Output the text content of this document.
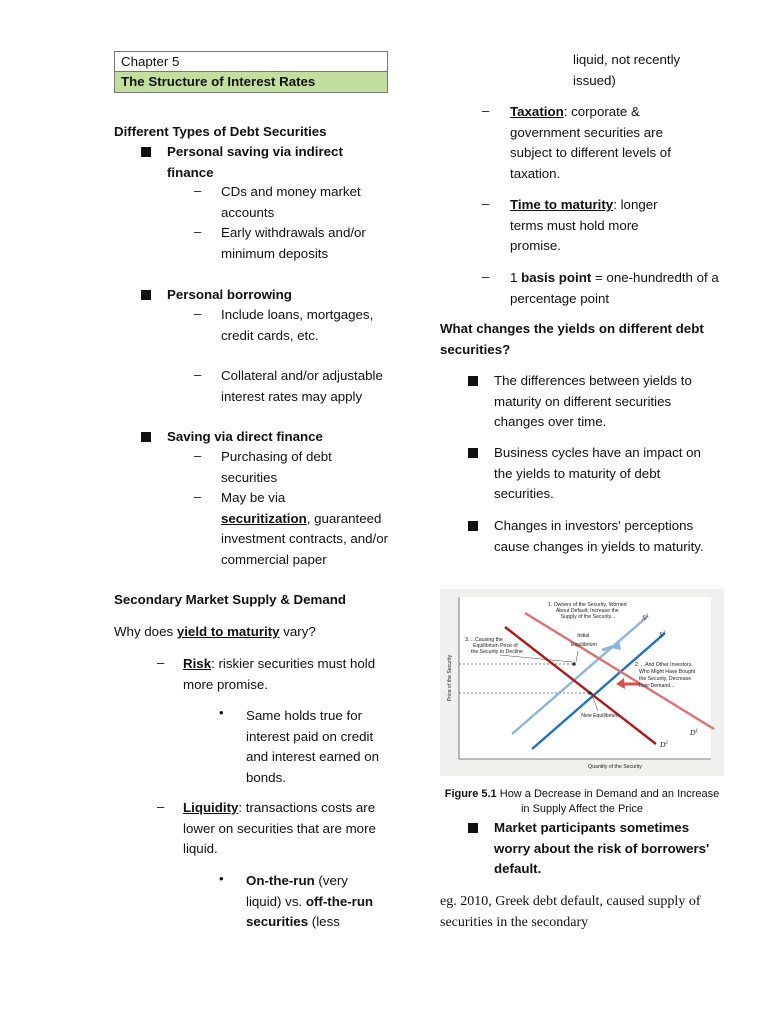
Chapter 5
The Structure of Interest Rates
Different Types of Debt Securities
Personal saving via indirect finance
– CDs and money market accounts
– Early withdrawals and/or minimum deposits
Personal borrowing
– Include loans, mortgages, credit cards, etc.
– Collateral and/or adjustable interest rates may apply
Saving via direct finance
– Purchasing of debt securities
– May be via
securitization, guaranteed investment contracts, and/or commercial paper
Secondary Market Supply & Demand
Why does yield to maturity vary?
– Risk: riskier securities must hold more promise.
• Same holds true for interest paid on credit and interest earned on bonds.
– Liquidity: transactions costs are lower on securities that are more liquid.
• On-the-run (very liquid) vs. off-the-run securities (less
liquid, not recently issued)
– Taxation: corporate & government securities are subject to different levels of taxation.
– Time to maturity: longer terms must hold more promise.
– 1 basis point = one-hundredth of a percentage point
What changes the yields on different debt securities?
The differences between yields to maturity on different securities changes over time.
Business cycles have an impact on the yields to maturity of debt securities.
Changes in investors' perceptions cause changes in yields to maturity.
1. Owners of the Security, Worried About Default, Increase the Supply of the Security...
3. ...Causing the Equilibrium Price of the Security to Decline
Initial Equilibrium
2. ...And Other Investors, Who Might Have Bought the Security, Decrease their Demand...
New Equilibrium
Quantity of the Security
Price of the Security
$S^1$
$S^2$
$D^1$
$D^2$
Figure 5.1 How a Decrease in Demand and an Increase in Supply Affect the Price
Market participants sometimes worry about the risk of borrowers' default.
eg. 2010, Greek debt default, caused supply of securities in the secondary
